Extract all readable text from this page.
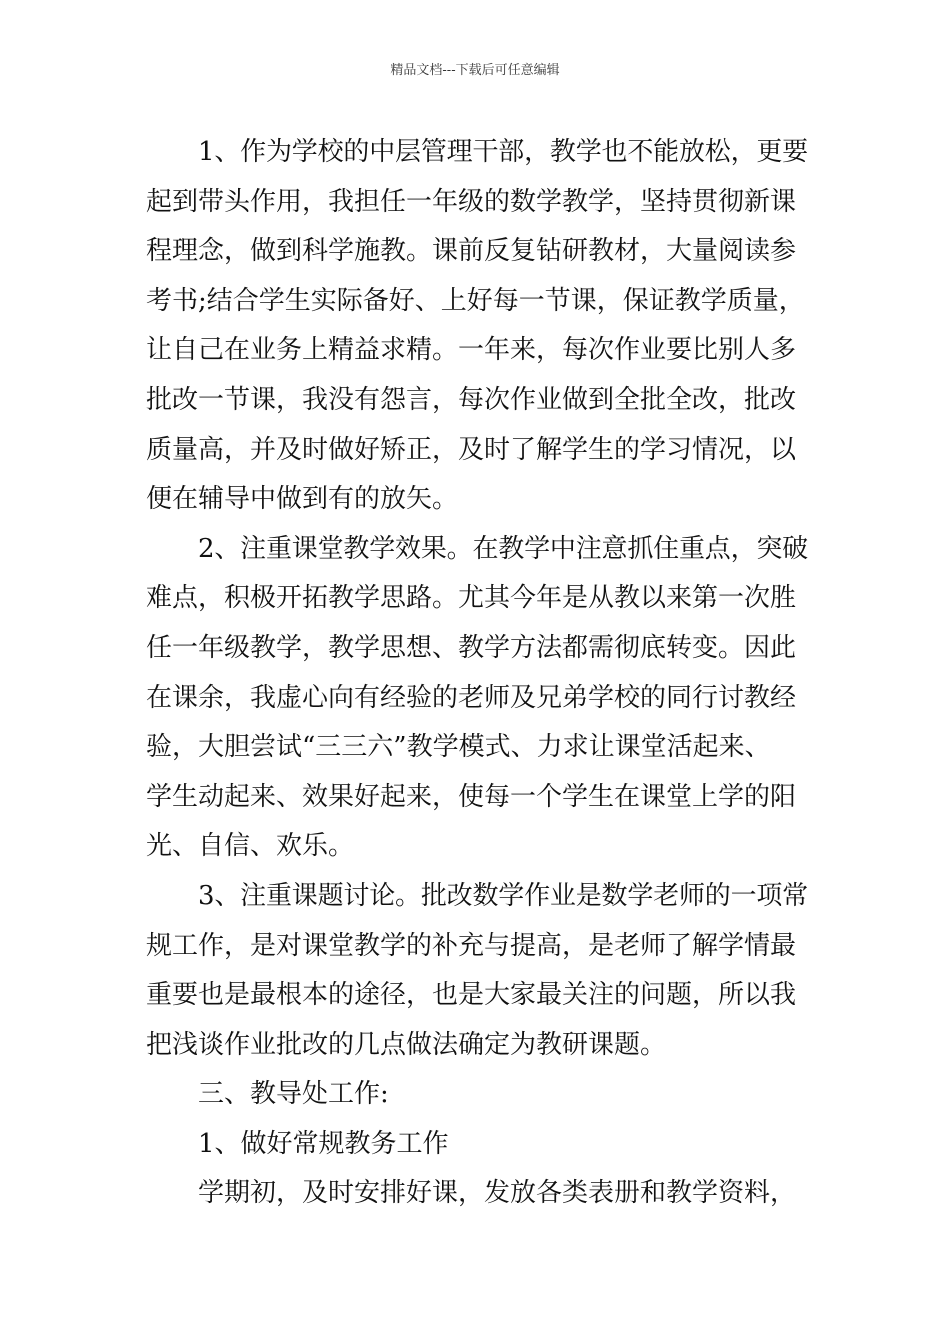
精品文档---下载后可任意编辑
1、作为学校的中层管理干部，教学也不能放松，更要
起到带头作用，我担任一年级的数学教学，坚持贯彻新课
程理念，做到科学施教。课前反复钻研教材，大量阅读参
考书;结合学生实际备好、上好每一节课，保证教学质量，
让自己在业务上精益求精。一年来，每次作业要比别人多
批改一节课，我没有怨言，每次作业做到全批全改，批改
质量高，并及时做好矫正，及时了解学生的学习情况，以
便在辅导中做到有的放矢。
2、注重课堂教学效果。在教学中注意抓住重点，突破
难点，积极开拓教学思路。尤其今年是从教以来第一次胜
任一年级教学，教学思想、教学方法都需彻底转变。因此
在课余，我虚心向有经验的老师及兄弟学校的同行讨教经
验，大胆尝试“三三六”教学模式、力求让课堂活起来、
学生动起来、效果好起来，使每一个学生在课堂上学的阳
光、自信、欢乐。
3、注重课题讨论。批改数学作业是数学老师的一项常
规工作，是对课堂教学的补充与提高，是老师了解学情最
重要也是最根本的途径，也是大家最关注的问题，所以我
把浅谈作业批改的几点做法确定为教研课题。
三、教导处工作:
1、做好常规教务工作
学期初，及时安排好课，发放各类表册和教学资料，
